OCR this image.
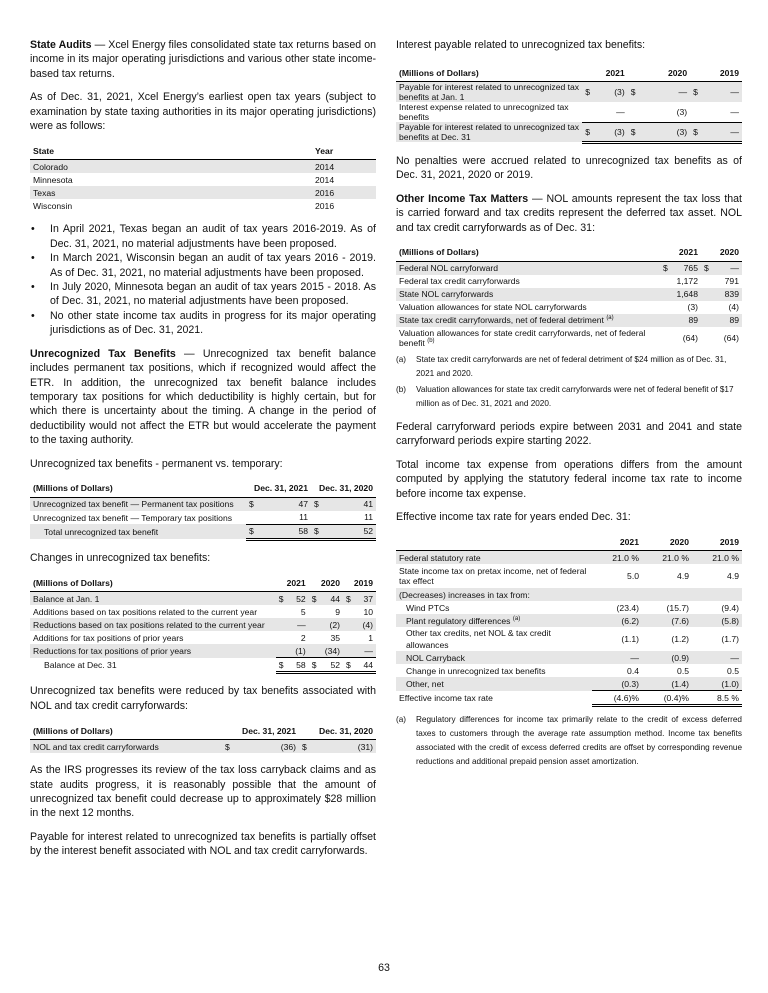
State Audits — Xcel Energy files consolidated state tax returns based on income in its major operating jurisdictions and various other state income-based tax returns.

As of Dec. 31, 2021, Xcel Energy’s earliest open tax years (subject to examination by state taxing authorities in its major operating jurisdictions) were as follows:

State	Year
Colorado	2014
Minnesota	2014
Texas	2016
Wisconsin	2016
• In April 2021, Texas began an audit of tax years 2016-2019. As of Dec. 31, 2021, no material adjustments have been proposed.
• In March 2021, Wisconsin began an audit of tax years 2016 - 2019. As of Dec. 31, 2021, no material adjustments have been proposed.
• In July 2020, Minnesota began an audit of tax years 2015 - 2018. As of Dec. 31, 2021, no material adjustments have been proposed.
• No other state income tax audits in progress for its major operating jurisdictions as of Dec. 31, 2021.

Unrecognized Tax Benefits — Unrecognized tax benefit balance includes permanent tax positions, which if recognized would affect the ETR. In addition, the unrecognized tax benefit balance includes temporary tax positions for which deductibility is highly certain, but for which there is uncertainty about the timing. A change in the period of deductibility would not affect the ETR but would accelerate the payment to the taxing authority.

Unrecognized tax benefits - permanent vs. temporary:

(Millions of Dollars)	Dec. 31, 2021		Dec. 31, 2020	
Unrecognized tax benefit — Permanent tax positions	$	47	$	41
Unrecognized tax benefit — Temporary tax positions		11		11
Total unrecognized tax benefit	$	58	$	52

Changes in unrecognized tax benefits:

(Millions of Dollars)	2021		2020		2019	
Balance at Jan. 1	$	52	$	44	$	37
Additions based on tax positions related to the current year		5		9		10
Reductions based on tax positions related to the current year		—		(2)		(4)
Additions for tax positions of prior years		2		35		1
Reductions for tax positions of prior years		(1)		(34)		—
Balance at Dec. 31	$	58	$	52	$	44

Unrecognized tax benefits were reduced by tax benefits associated with NOL and tax credit carryforwards:

(Millions of Dollars)	Dec. 31, 2021		Dec. 31, 2020	
NOL and tax credit carryforwards	$	(36)	$	(31)

As the IRS progresses its review of the tax loss carryback claims and as state audits progress, it is reasonably possible that the amount of unrecognized tax benefit could decrease up to approximately $28 million in the next 12 months.

Payable for interest related to unrecognized tax benefits is partially offset by the interest benefit associated with NOL and tax credit carryforwards.

Interest payable related to unrecognized tax benefits:

(Millions of Dollars)	2021		2020		2019	
Payable for interest related to unrecognized tax benefits at Jan. 1	$	(3)	$	—	$	—
Interest expense related to unrecognized tax benefits		—		(3)		—
Payable for interest related to unrecognized tax benefits at Dec. 31	$	(3)	$	(3)	$	—

No penalties were accrued related to unrecognized tax benefits as of Dec. 31, 2021, 2020 or 2019.

Other Income Tax Matters — NOL amounts represent the tax loss that is carried forward and tax credits represent the deferred tax asset. NOL and tax credit carryforwards as of Dec. 31:

(Millions of Dollars)	2021		2020	
Federal NOL carryforward	$	765	$	—
Federal tax credit carryforwards		1,172		791
State NOL carryforwards		1,648		839
Valuation allowances for state NOL carryforwards		(3)		(4)
State tax credit carryforwards, net of federal detriment $^{(a)}$		89		89
Valuation allowances for state credit carryforwards, net of federal benefit $^{(b)}$		(64)		(64)
(a)	State tax credit carryforwards are net of federal detriment of $24 million as of Dec. 31, 2021 and 2020.
(b)	Valuation allowances for state tax credit carryforwards were net of federal benefit of $17 million as of Dec. 31, 2021 and 2020.

Federal carryforward periods expire between 2031 and 2041 and state carryforward periods expire starting 2022.

Total income tax expense from operations differs from the amount computed by applying the statutory federal income tax rate to income before income tax expense.

Effective income tax rate for years ended Dec. 31:

	2021	2020	2019
Federal statutory rate	21.0 %	21.0 %	21.0 %
State income tax on pretax income, net of federal tax effect	5.0	4.9	4.9
(Decreases) increases in tax from:			
Wind PTCs	(23.4)	(15.7)	(9.4)
Plant regulatory differences $^{(a)}$	(6.2)	(7.6)	(5.8)
Other tax credits, net NOL & tax credit allowances	(1.1)	(1.2)	(1.7)
NOL Carryback	—	(0.9)	—
Change in unrecognized tax benefits	0.4	0.5	0.5
Other, net	(0.3)	(1.4)	(1.0)
Effective income tax rate	(4.6)%	(0.4)%	8.5 %
(a)	Regulatory differences for income tax primarily relate to the credit of excess deferred taxes to customers through the average rate assumption method. Income tax benefits associated with the credit of excess deferred credits are offset by corresponding revenue reductions and additional prepaid pension asset amortization.
63
